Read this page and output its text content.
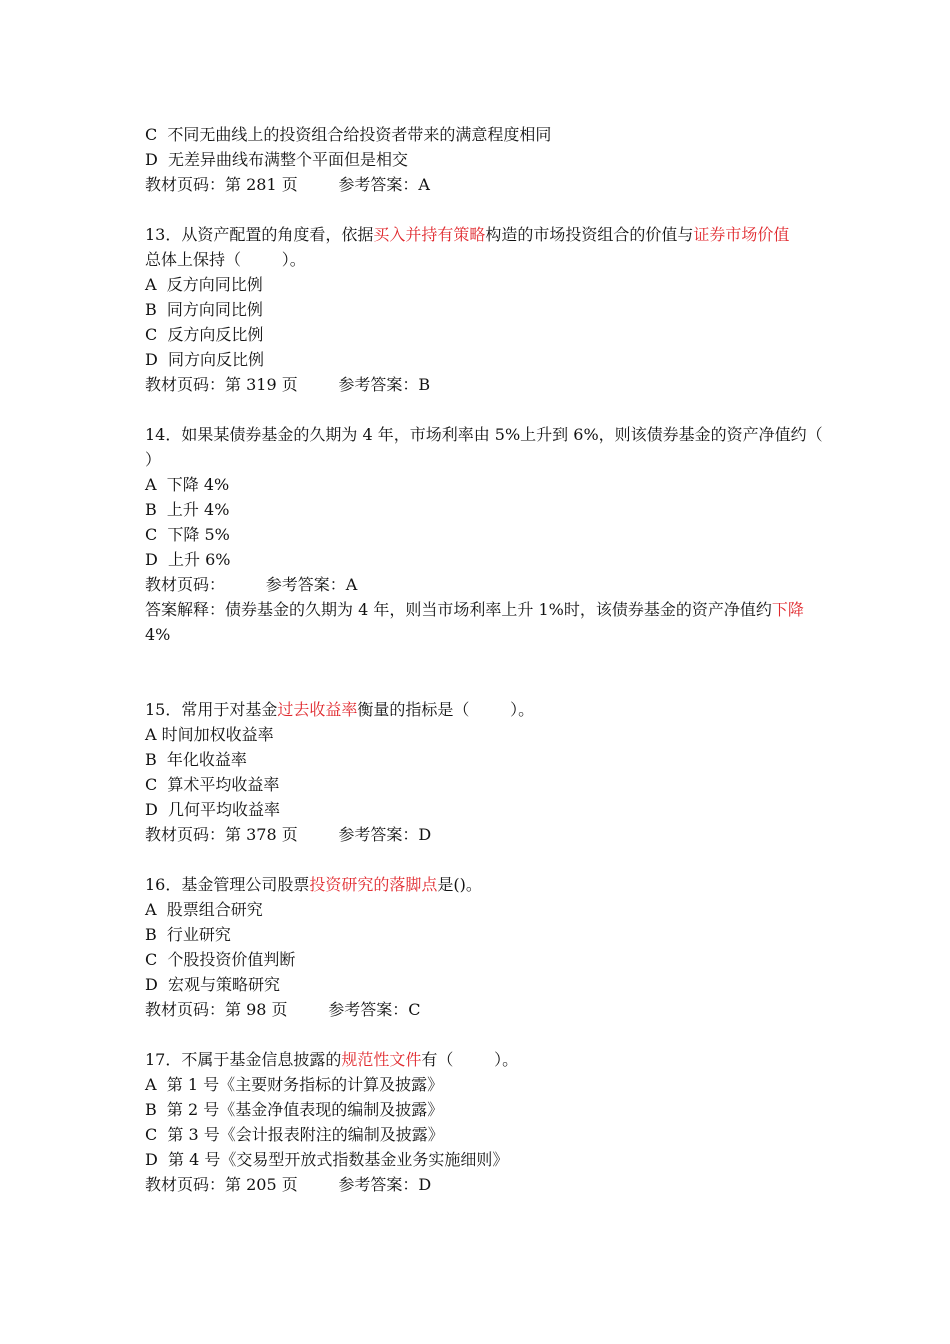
C  不同无曲线上的投资组合给投资者带来的满意程度相同
D  无差异曲线布满整个平面但是相交
教材页码：第 281 页        参考答案：A
13．从资产配置的角度看，依据买入并持有策略构造的市场投资组合的价值与证券市场价值
总体上保持（        ）。
A  反方向同比例
B  同方向同比例
C  反方向反比例
D  同方向反比例
教材页码：第 319 页        参考答案：B
14．如果某债券基金的久期为 4 年，市场利率由 5%上升到 6%，则该债券基金的资产净值约（
）
A  下降 4%
B  上升 4%
C  下降 5%
D  上升 6%
教材页码：        参考答案：A
答案解释：债券基金的久期为 4 年，则当市场利率上升 1%时，该债券基金的资产净值约下降
4%
15．常用于对基金过去收益率衡量的指标是（        ）。
A 时间加权收益率
B  年化收益率
C  算术平均收益率
D  几何平均收益率
教材页码：第 378 页        参考答案：D
16．基金管理公司股票投资研究的落脚点是()。
A  股票组合研究
B  行业研究
C  个股投资价值判断
D  宏观与策略研究
教材页码：第 98 页        参考答案：C
17．不属于基金信息披露的规范性文件有（        ）。
A  第 1 号《主要财务指标的计算及披露》
B  第 2 号《基金净值表现的编制及披露》
C  第 3 号《会计报表附注的编制及披露》
D  第 4 号《交易型开放式指数基金业务实施细则》
教材页码：第 205 页        参考答案：D
